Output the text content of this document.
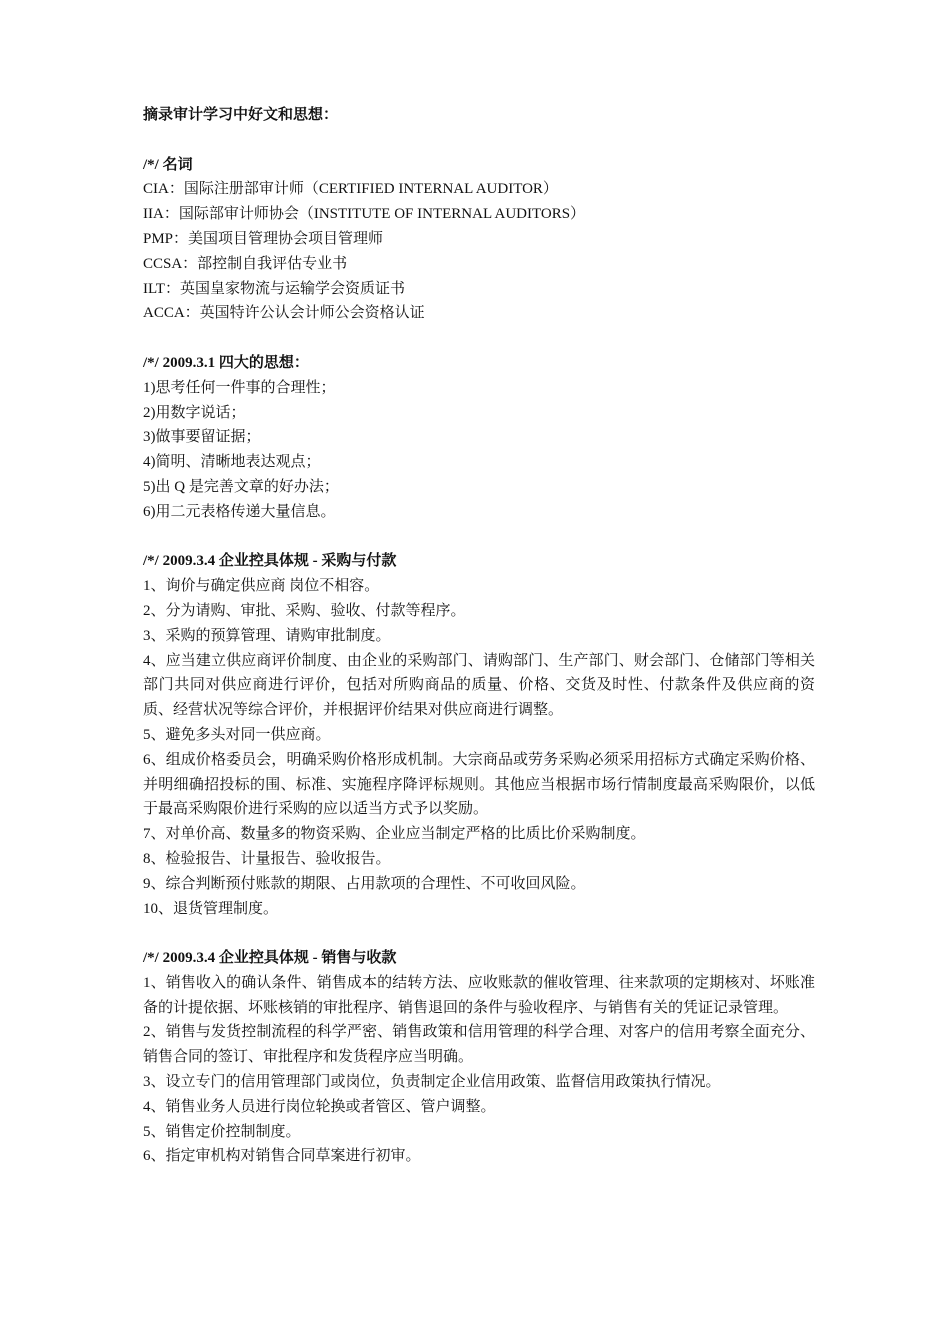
摘录审计学习中好文和思想：

/*/ 名词

CIA：国际注册部审计师（CERTIFIED INTERNAL AUDITOR）

IIA：国际部审计师协会（INSTITUTE OF INTERNAL AUDITORS）

PMP：美国项目管理协会项目管理师

CCSA：部控制自我评估专业书

ILT：英国皇家物流与运输学会资质证书

ACCA：英国特许公认会计师公会资格认证

/*/ 2009.3.1 四大的思想：

1)思考任何一件事的合理性；

2)用数字说话；

3)做事要留证据；

4)简明、清晰地表达观点；

5)出 Q 是完善文章的好办法；

6)用二元表格传递大量信息。

/*/ 2009.3.4 企业控具体规 - 采购与付款

1、询价与确定供应商 岗位不相容。

2、分为请购、审批、采购、验收、付款等程序。

3、采购的预算管理、请购审批制度。

4、应当建立供应商评价制度、由企业的采购部门、请购部门、生产部门、财会部门、仓储部门等相关部门共同对供应商进行评价，包括对所购商品的质量、价格、交货及时性、付款条件及供应商的资质、经营状况等综合评价，并根据评价结果对供应商进行调整。

5、避免多头对同一供应商。

6、组成价格委员会，明确采购价格形成机制。大宗商品或劳务采购必须采用招标方式确定采购价格、并明细确招投标的围、标准、实施程序降评标规则。其他应当根据市场行情制度最高采购限价，以低于最高采购限价进行采购的应以适当方式予以奖励。

7、对单价高、数量多的物资采购、企业应当制定严格的比质比价采购制度。

8、检验报告、计量报告、验收报告。

9、综合判断预付账款的期限、占用款项的合理性、不可收回风险。

10、退货管理制度。

/*/ 2009.3.4 企业控具体规 - 销售与收款

1、销售收入的确认条件、销售成本的结转方法、应收账款的催收管理、往来款项的定期核对、坏账准备的计提依据、坏账核销的审批程序、销售退回的条件与验收程序、与销售有关的凭证记录管理。

2、销售与发货控制流程的科学严密、销售政策和信用管理的科学合理、对客户的信用考察全面充分、销售合同的签订、审批程序和发货程序应当明确。

3、设立专门的信用管理部门或岗位，负责制定企业信用政策、监督信用政策执行情况。

4、销售业务人员进行岗位轮换或者管区、管户调整。

5、销售定价控制制度。

6、指定审机构对销售合同草案进行初审。
